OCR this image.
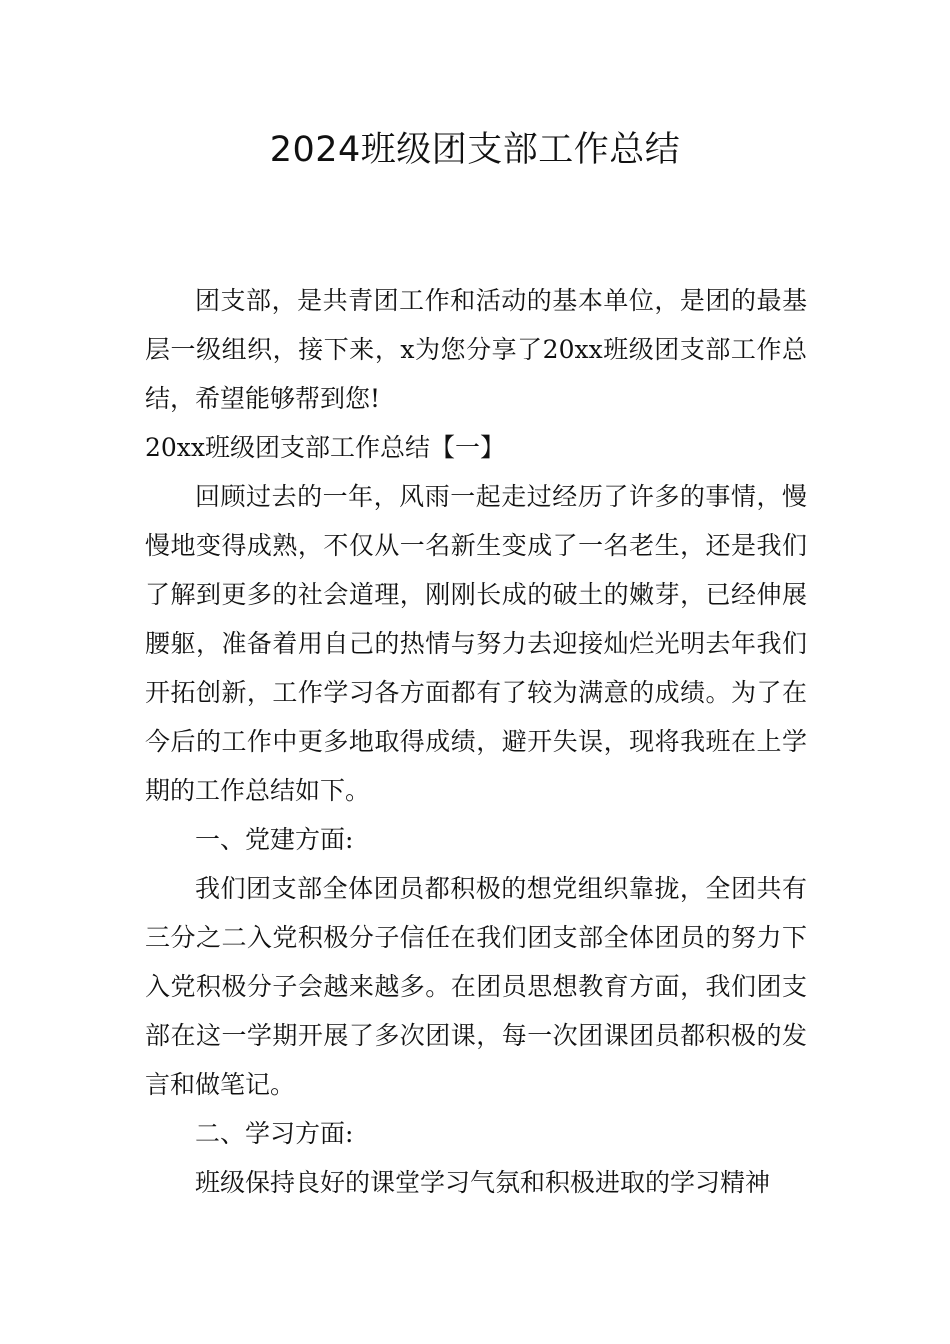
2024班级团支部工作总结

团支部，是共青团工作和活动的基本单位，是团的最基层一级组织，接下来，x为您分享了20xx班级团支部工作总结，希望能够帮到您!

20xx班级团支部工作总结【一】

回顾过去的一年，风雨一起走过经历了许多的事情，慢慢地变得成熟，不仅从一名新生变成了一名老生，还是我们了解到更多的社会道理，刚刚长成的破土的嫩芽，已经伸展腰躯，准备着用自己的热情与努力去迎接灿烂光明去年我们开拓创新，工作学习各方面都有了较为满意的成绩。为了在今后的工作中更多地取得成绩，避开失误，现将我班在上学期的工作总结如下。

一、党建方面:

我们团支部全体团员都积极的想党组织靠拢，全团共有三分之二入党积极分子信任在我们团支部全体团员的努力下入党积极分子会越来越多。在团员思想教育方面，我们团支部在这一学期开展了多次团课，每一次团课团员都积极的发言和做笔记。

二、学习方面:

班级保持良好的课堂学习气氛和积极进取的学习精神
